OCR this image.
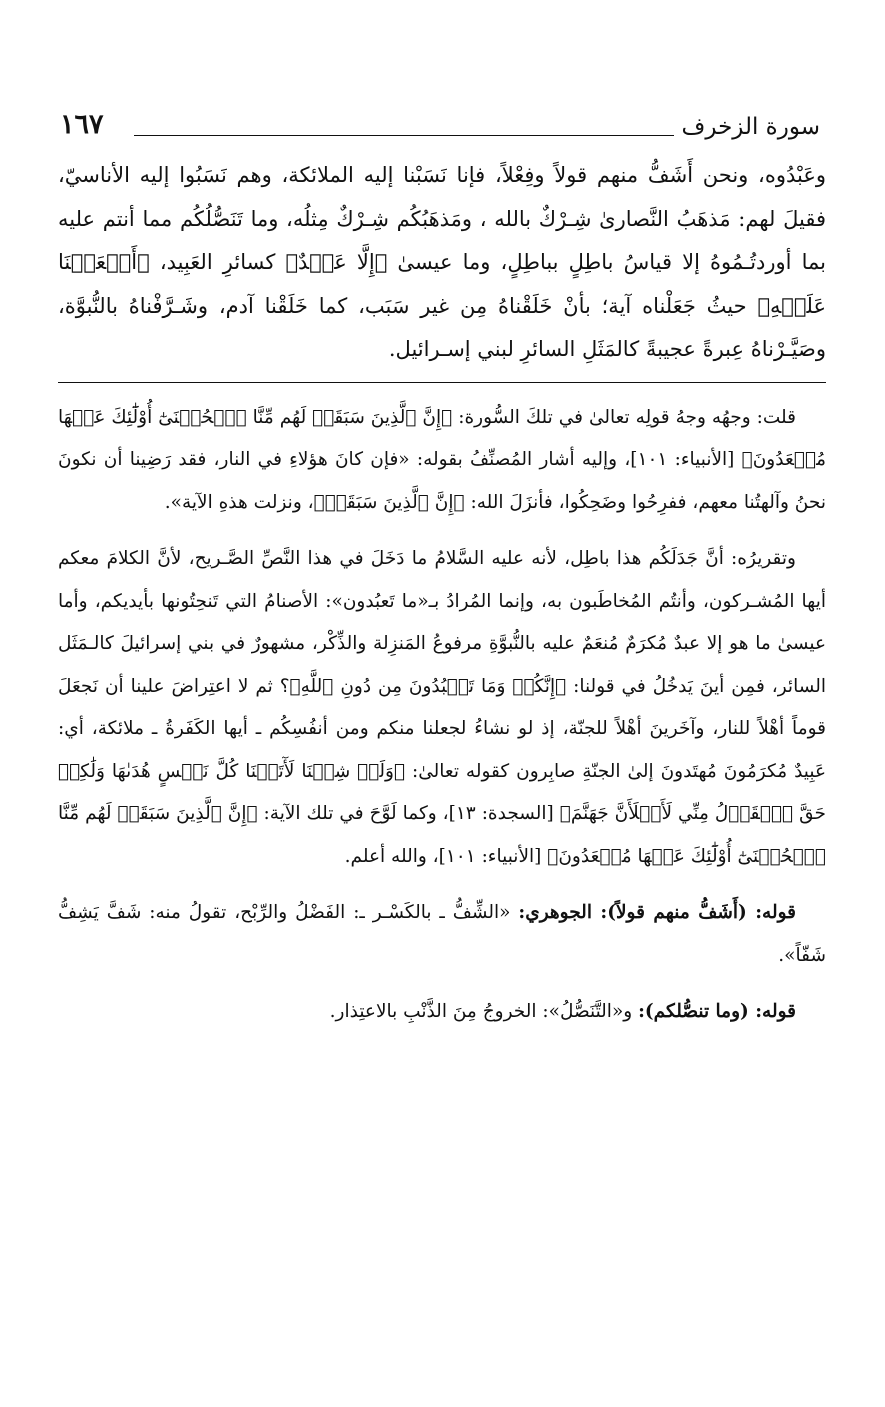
١٦٧	سورة الزخرف
وعَبْدُوه، ونحن أَشَفُّ منهم قولاً وفِعْلاً، فإنا نَسَبْنا إليه الملائكة، وهم نَسَبُوا إليه الأناسيّ، فقيلَ لهم: مَذهَبُ النَّصارىٰ شِـرْكٌ بالله ، ومَذهَبُكُم شِـرْكٌ مِثلُه، وما تَنَصُّلُكُم مما أنتم عليه بما أوردتُـمُوهُ إلا قياسُ باطِلٍ بباطِلٍ، وما عيسىٰ ﴿إِلَّا عَبۡدٌ﴾ كسائرِ العَبِيد، ﴿أَنۡعَمۡنَا عَلَيۡهِ﴾ حيثُ جَعَلْناه آية؛ بأنْ خَلَقْناهُ مِن غير سَبَب، كما خَلَقْنا آدم، وشَـرَّفْناهُ بالنُّبوَّة، وصَيَّـرْناهُ عِبرةً عجيبةً كالمَثَلِ السائرِ لبني إسـرائيل.

قلت: وجهُه وجهُ قولِه تعالىٰ في تلكَ السُّورة: ﴿إِنَّ ٱلَّذِينَ سَبَقَتۡ لَهُم مِّنَّا ٱلۡحُسۡنَىٰٓ أُوْلَٰٓئِكَ عَنۡهَا مُبۡعَدُونَ﴾ [الأنبياء: ١٠١]، وإليه أشار المُصنِّفُ بقوله: «فإن كانَ هؤلاءِ في النار، فقد رَضِينا أن نكونَ نحنُ وآلهتُنا معهم، ففرِحُوا وضَحِكُوا، فأنزَلَ الله: ﴿إِنَّ ٱلَّذِينَ سَبَقَتۡ﴾، ونزلت هذهِ الآية».

وتقريرُه: أنَّ جَدَلَكُم هذا باطِل، لأنه عليه السَّلامُ ما دَخَلَ في هذا النَّصِّ الصَّـريح، لأنَّ الكلامَ معكم أيها المُشـركون، وأنتُم المُخاطَبون به، وإنما المُرادُ بـ«ما تَعبُدون»: الأصنامُ التي تَنحِتُونها بأيديكم، وأما عيسىٰ ما هو إلا عبدٌ مُكرَمٌ مُنعَمٌ عليه بالنُّبوَّةِ مرفوعُ المَنزِلة والذِّكْر، مشهورٌ في بني إسرائيلَ كالـمَثَل السائر، فمِن أينَ يَدخُلُ في قولنا: ﴿إِنَّكُمۡ وَمَا تَعۡبُدُونَ مِن دُونِ ٱللَّهِ﴾؟ ثم لا اعتِراضَ علينا أن نَجعَلَ قوماً أهْلاً للنار، وآخَرينَ أهْلاً للجنّة، إذ لو نشاءُ لجعلنا منكم ومن أنفُسِكُم ـ أيها الكَفَرةُ ـ ملائكة، أي: عَبِيدٌ مُكرَمُونَ مُهتَدونَ إلىٰ الجنّةِ صابِرون كقوله تعالىٰ: ﴿وَلَوۡ شِئۡنَا لَأٓتَيۡنَا كُلَّ نَفۡسٍ هُدَىٰهَا وَلَٰكِنۡ حَقَّ ٱلۡقَوۡلُ مِنِّي لَأَمۡلَأَنَّ جَهَنَّمَ﴾ [السجدة: ١٣]، وكما لَوَّحَ في تلك الآية: ﴿إِنَّ ٱلَّذِينَ سَبَقَتۡ لَهُم مِّنَّا ٱلۡحُسۡنَىٰٓ أُوْلَٰٓئِكَ عَنۡهَا مُبۡعَدُونَ﴾ [الأنبياء: ١٠١]، والله أعلم.

قوله: (أَشَفُّ منهم قولاً): الجوهري: «الشِّفُّ ـ بالكَسْـر ـ: الفَضْلُ والرِّبْح، تقولُ منه: شَفَّ يَشِفُّ شَفّاً».

قوله: (وما تنصُّلكم): و«التَّنَصُّلُ»: الخروجُ مِنَ الذَّنْبِ بالاعتِذار.
